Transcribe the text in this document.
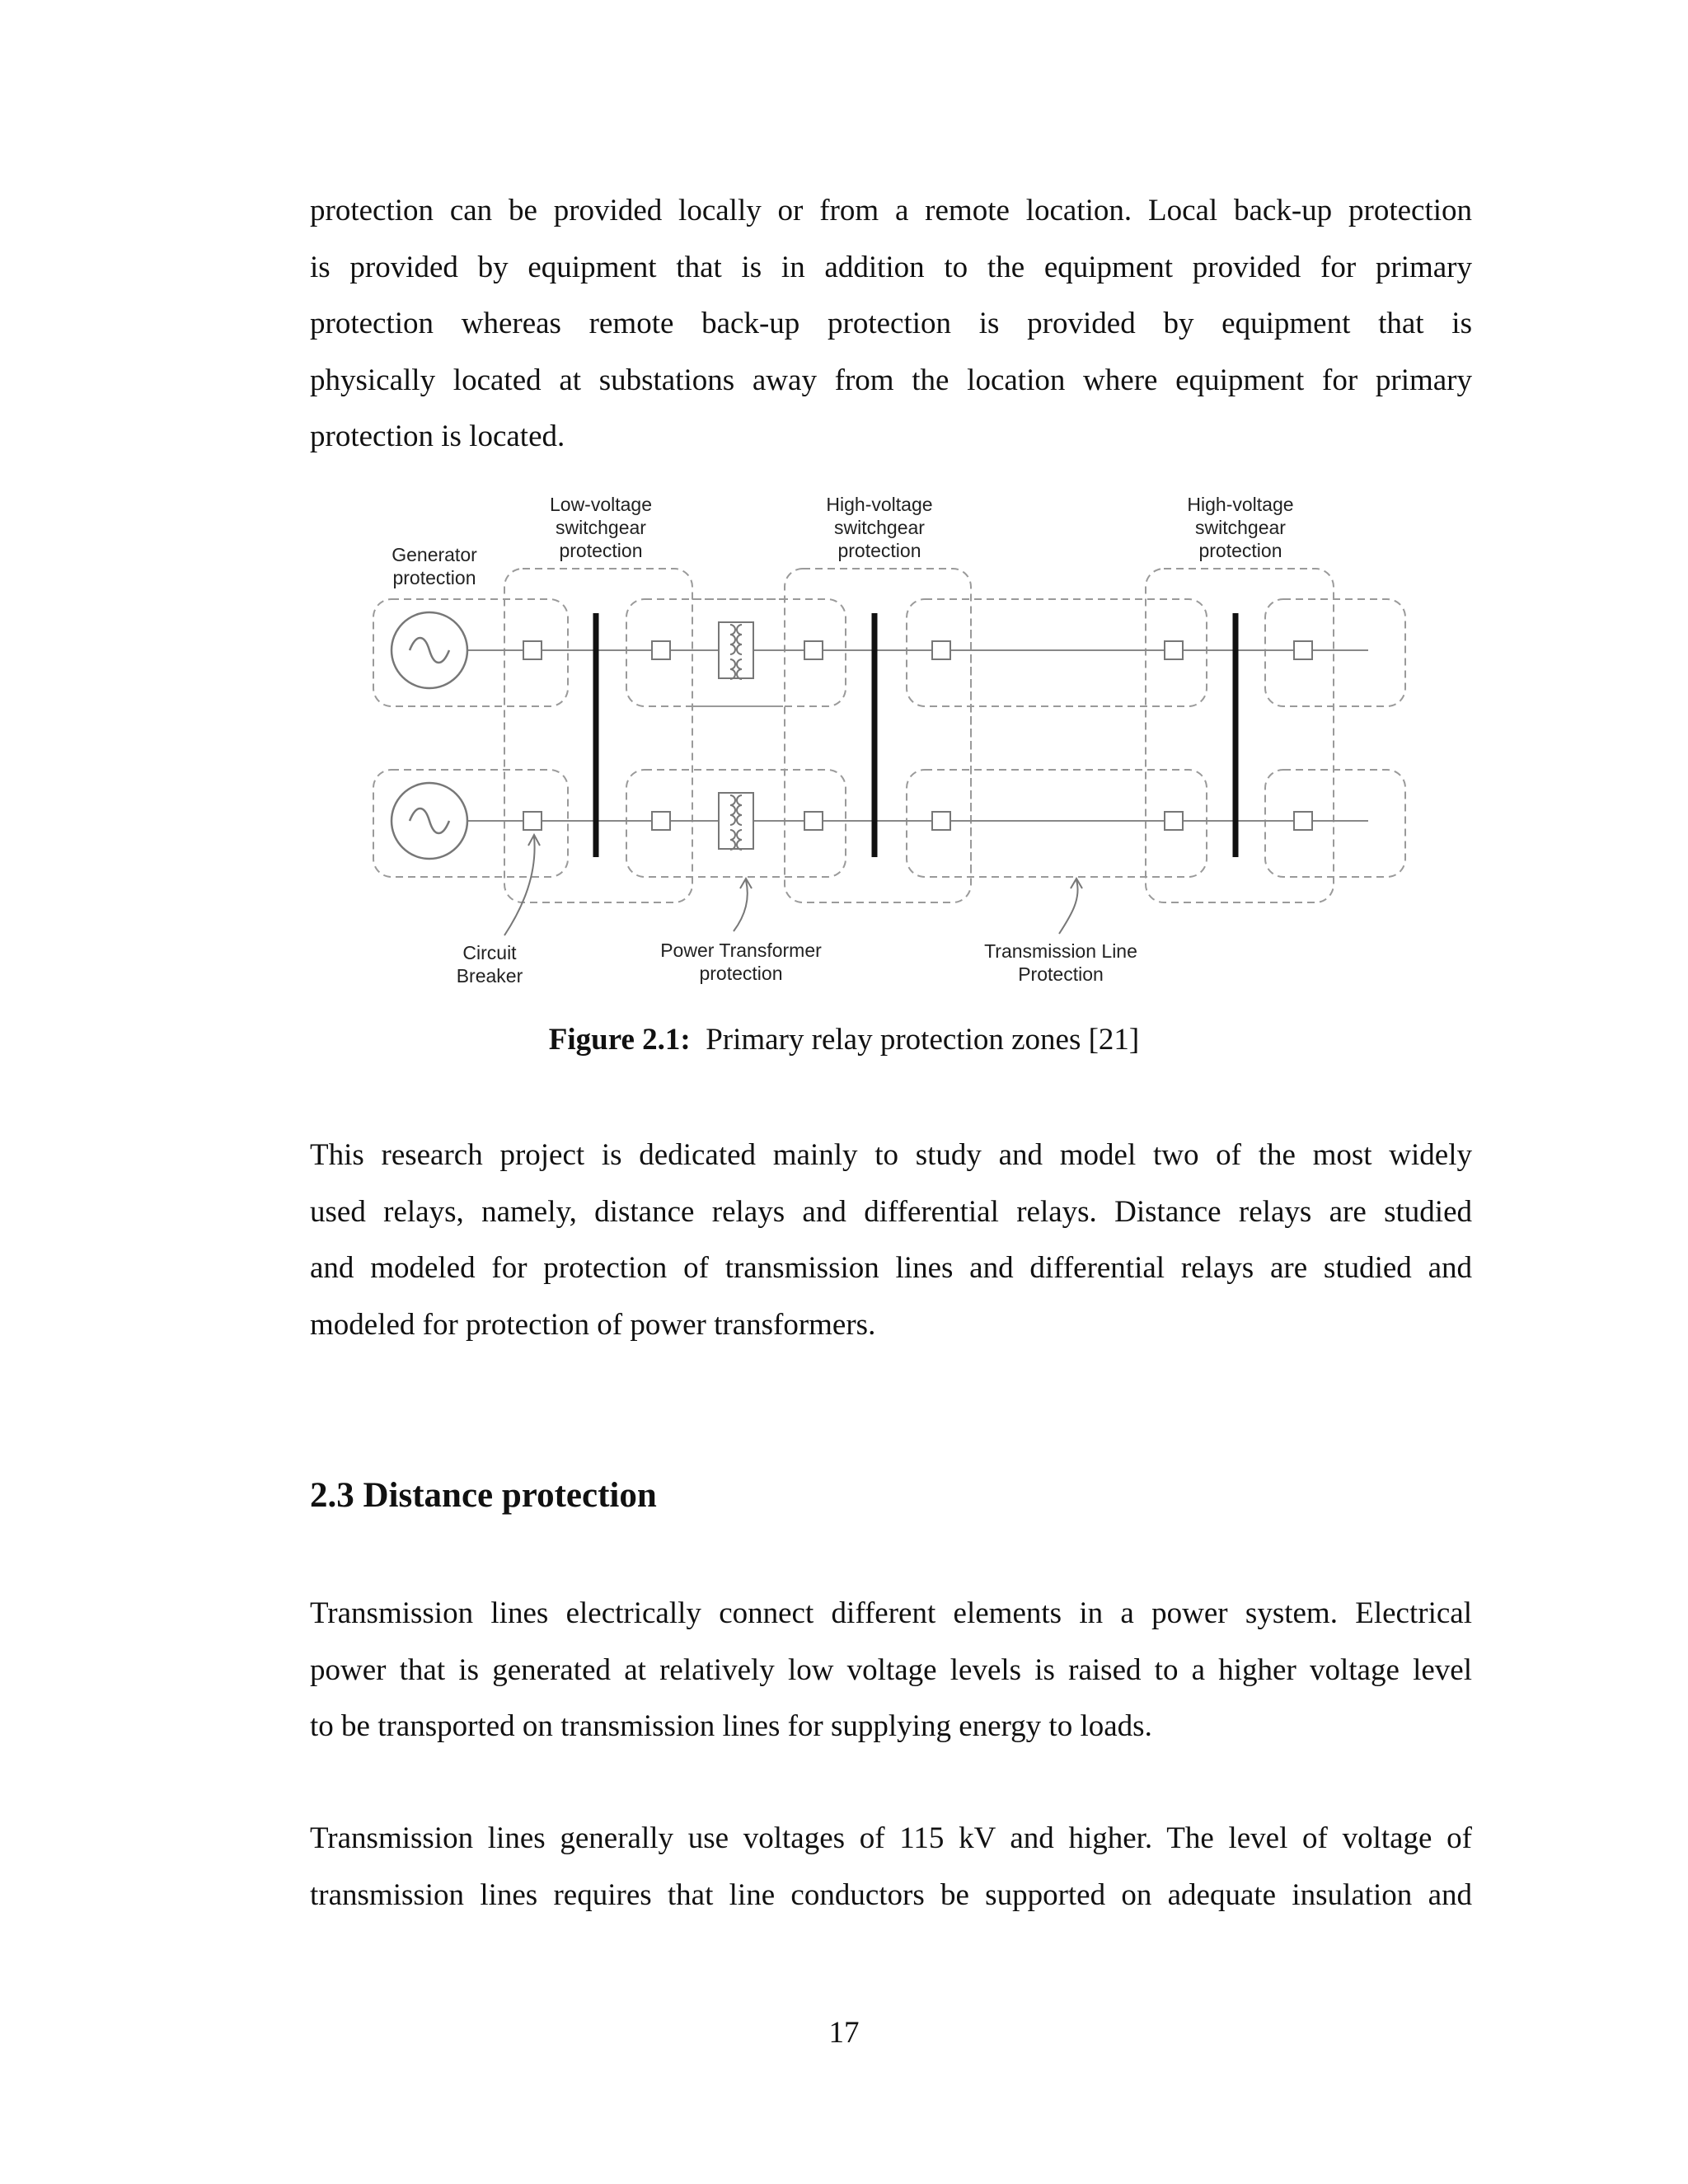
protection can be provided locally or from a remote location. Local back-up protection
is provided by equipment that is in addition to the equipment provided for primary
protection whereas remote back-up protection is provided by equipment that is
physically located at substations away from the location where equipment for primary
protection is located.
Generator
protection
Low-voltage
switchgear
protection
High-voltage
switchgear
protection
High-voltage
switchgear
protection
Circuit
Breaker
Power Transformer
protection
Transmission Line
Protection

Figure 2.1: Primary relay protection zones [21]

This research project is dedicated mainly to study and model two of the most widely
used relays, namely, distance relays and differential relays. Distance relays are studied
and modeled for protection of transmission lines and differential relays are studied and
modeled for protection of power transformers.
2.3 Distance protection
Transmission lines electrically connect different elements in a power system. Electrical
power that is generated at relatively low voltage levels is raised to a higher voltage level
to be transported on transmission lines for supplying energy to loads.
Transmission lines generally use voltages of 115 kV and higher. The level of voltage of
transmission lines requires that line conductors be supported on adequate insulation and
17
